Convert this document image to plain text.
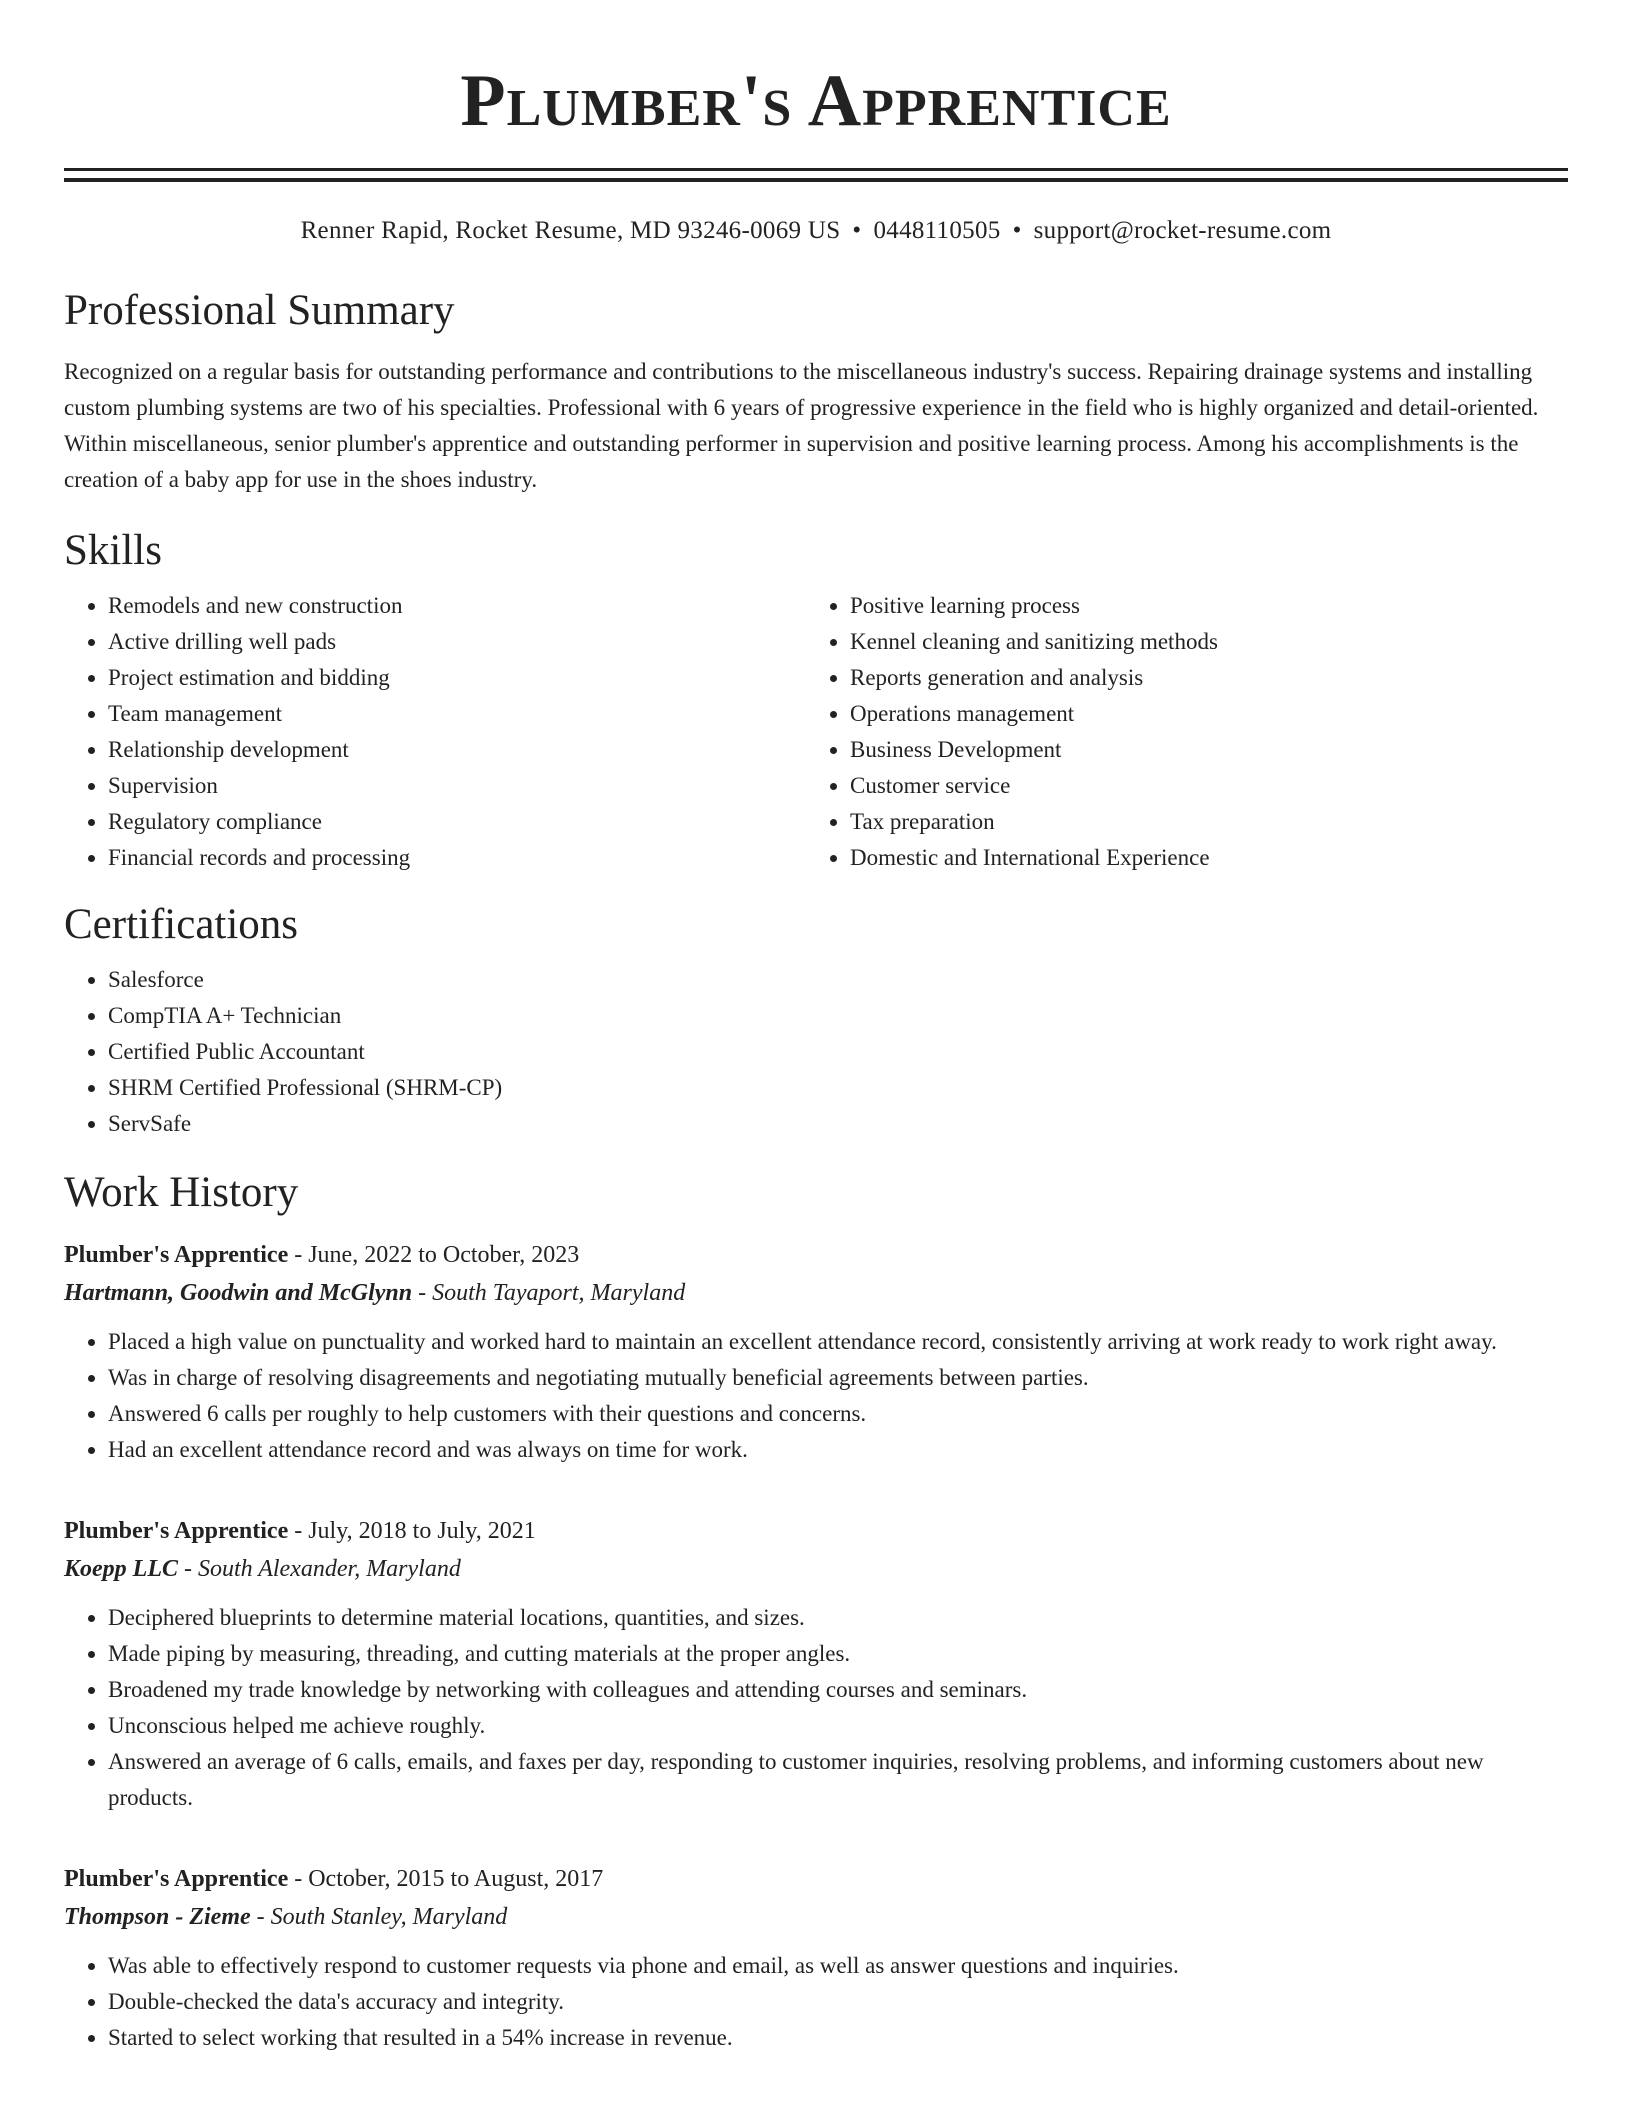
Plumber's Apprentice
Renner Rapid, Rocket Resume, MD 93246-0069 US • 0448110505 • support@rocket-resume.com
Professional Summary

Recognized on a regular basis for outstanding performance and contributions to the miscellaneous industry's success. Repairing drainage systems and installing custom plumbing systems are two of his specialties. Professional with 6 years of progressive experience in the field who is highly organized and detail-oriented. Within miscellaneous, senior plumber's apprentice and outstanding performer in supervision and positive learning process. Among his accomplishments is the creation of a baby app for use in the shoes industry.

Skills
• Remodels and new construction
• Active drilling well pads
• Project estimation and bidding
• Team management
• Relationship development
• Supervision
• Regulatory compliance
• Financial records and processing
• Positive learning process
• Kennel cleaning and sanitizing methods
• Reports generation and analysis
• Operations management
• Business Development
• Customer service
• Tax preparation
• Domestic and International Experience
Certifications
• Salesforce
• CompTIA A+ Technician
• Certified Public Accountant
• SHRM Certified Professional (SHRM-CP)
• ServSafe
Work History

Plumber's Apprentice - June, 2022 to October, 2023

Hartmann, Goodwin and McGlynn - South Tayaport, Maryland

• Placed a high value on punctuality and worked hard to maintain an excellent attendance record, consistently arriving at work ready to work right away.
• Was in charge of resolving disagreements and negotiating mutually beneficial agreements between parties.
• Answered 6 calls per roughly to help customers with their questions and concerns.
• Had an excellent attendance record and was always on time for work.

Plumber's Apprentice - July, 2018 to July, 2021

Koepp LLC - South Alexander, Maryland

• Deciphered blueprints to determine material locations, quantities, and sizes.
• Made piping by measuring, threading, and cutting materials at the proper angles.
• Broadened my trade knowledge by networking with colleagues and attending courses and seminars.
• Unconscious helped me achieve roughly.
• Answered an average of 6 calls, emails, and faxes per day, responding to customer inquiries, resolving problems, and informing customers about new products.

Plumber's Apprentice - October, 2015 to August, 2017

Thompson - Zieme - South Stanley, Maryland

• Was able to effectively respond to customer requests via phone and email, as well as answer questions and inquiries.
• Double-checked the data's accuracy and integrity.
• Started to select working that resulted in a 54% increase in revenue.
